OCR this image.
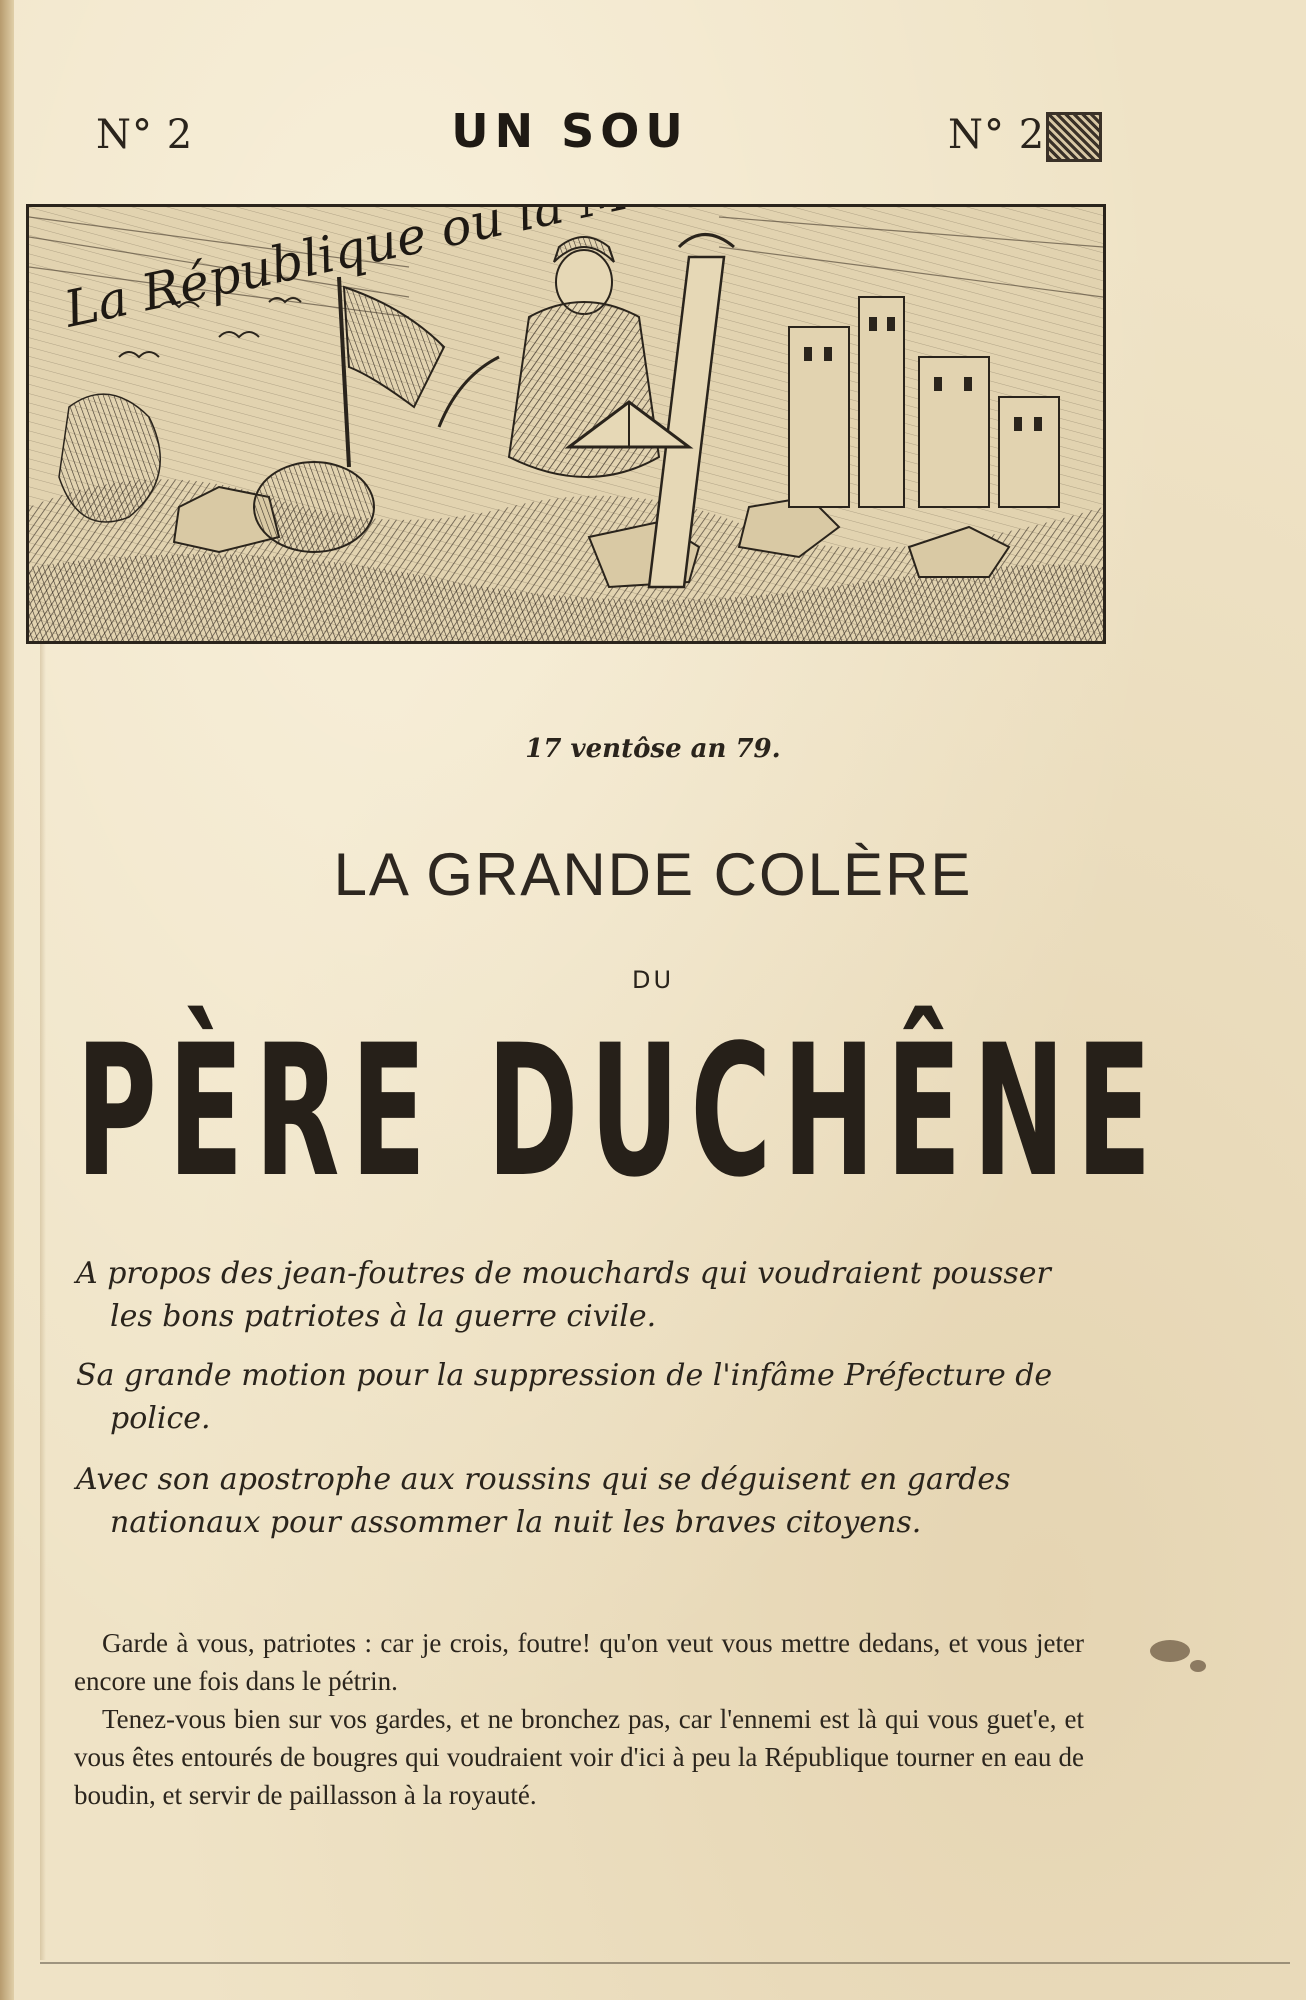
N° 2	UN SOU	N° 2
17 ventôse an 79.
LA GRANDE COLÈRE
DU
PÈRE DUCHÊNE

A propos des jean-foutres de mouchards qui voudraient pousser les bons patriotes à la guerre civile.

Sa grande motion pour la suppression de l'infâme Préfecture de police.

Avec son apostrophe aux roussins qui se déguisent en gardes nationaux pour assommer la nuit les braves citoyens.

Garde à vous, patriotes : car je crois, foutre! qu'on veut vous mettre dedans, et vous jeter encore une fois dans le pétrin.

Tenez-vous bien sur vos gardes, et ne bronchez pas, car l'ennemi est là qui vous guet'e, et vous êtes entourés de bougres qui voudraient voir d'ici à peu la République tourner en eau de boudin, et servir de paillasson à la royauté.
